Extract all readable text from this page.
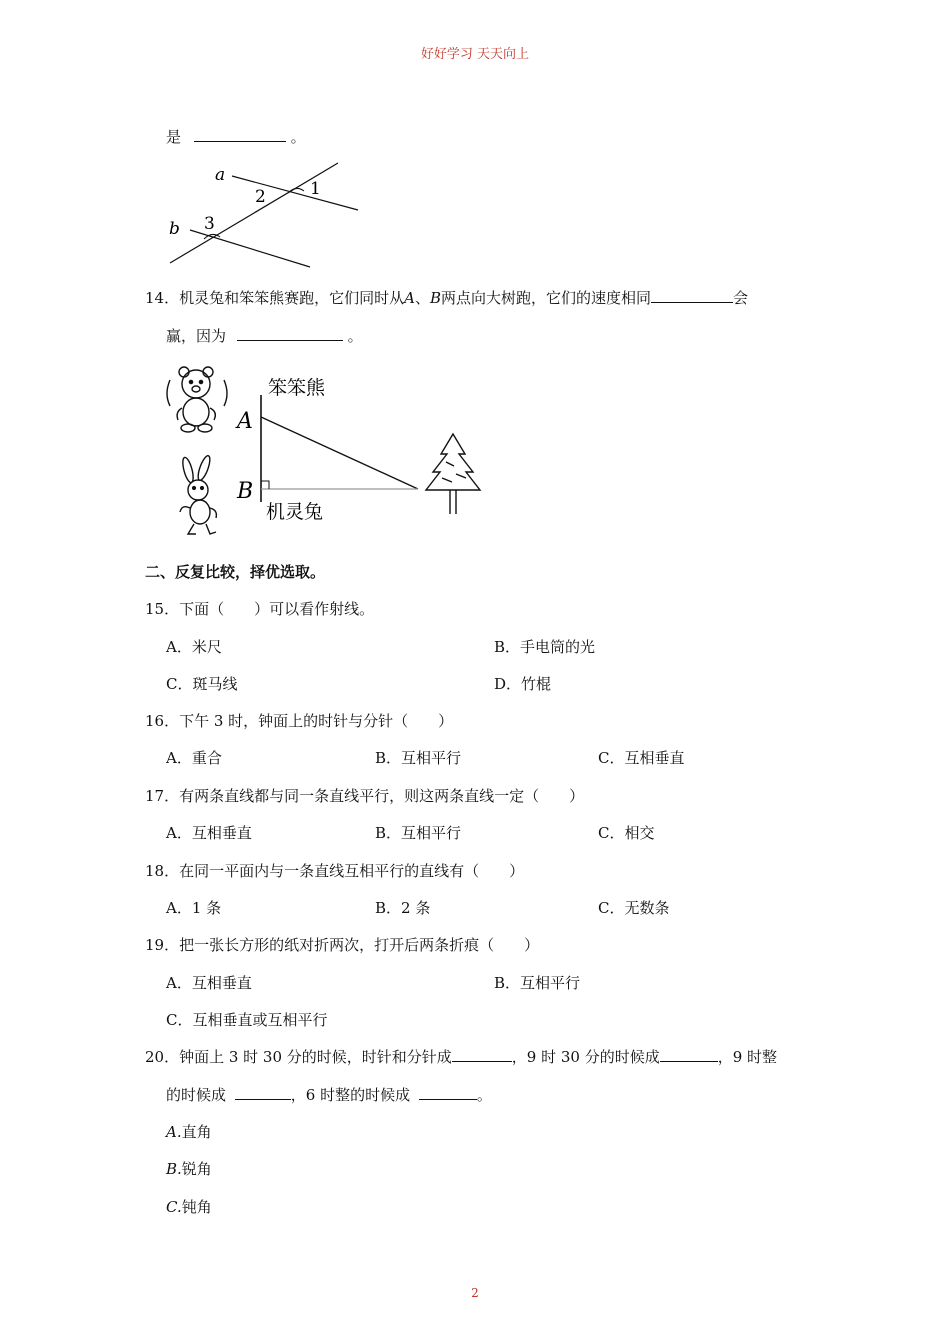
好好学习 天天向上
是	。
a
b
1
2
3
14．机灵兔和笨笨熊赛跑，它们同时从A、B两点向大树跑，它们的速度相同	会
赢，因为	。
A
B
笨笨熊
机灵兔
二、反复比较，择优选取。
15．下面（　　）可以看作射线。
A．米尺	B．手电筒的光
C．斑马线	D．竹棍
16．下午 3 时，钟面上的时针与分针（　　）
A．重合	B．互相平行	C．互相垂直
17．有两条直线都与同一条直线平行，则这两条直线一定（　　）
A．互相垂直	B．互相平行	C．相交
18．在同一平面内与一条直线互相平行的直线有（　　）
A．1 条	B．2 条	C．无数条
19．把一张长方形的纸对折两次，打开后两条折痕（　　）
A．互相垂直	B．互相平行
C．互相垂直或互相平行
20．钟面上 3 时 30 分的时候，时针和分针成	，9 时 30 分的时候成	，9 时整
的时候成	，6 时整的时候成	。
A.直角
B.锐角
C.钝角
2
